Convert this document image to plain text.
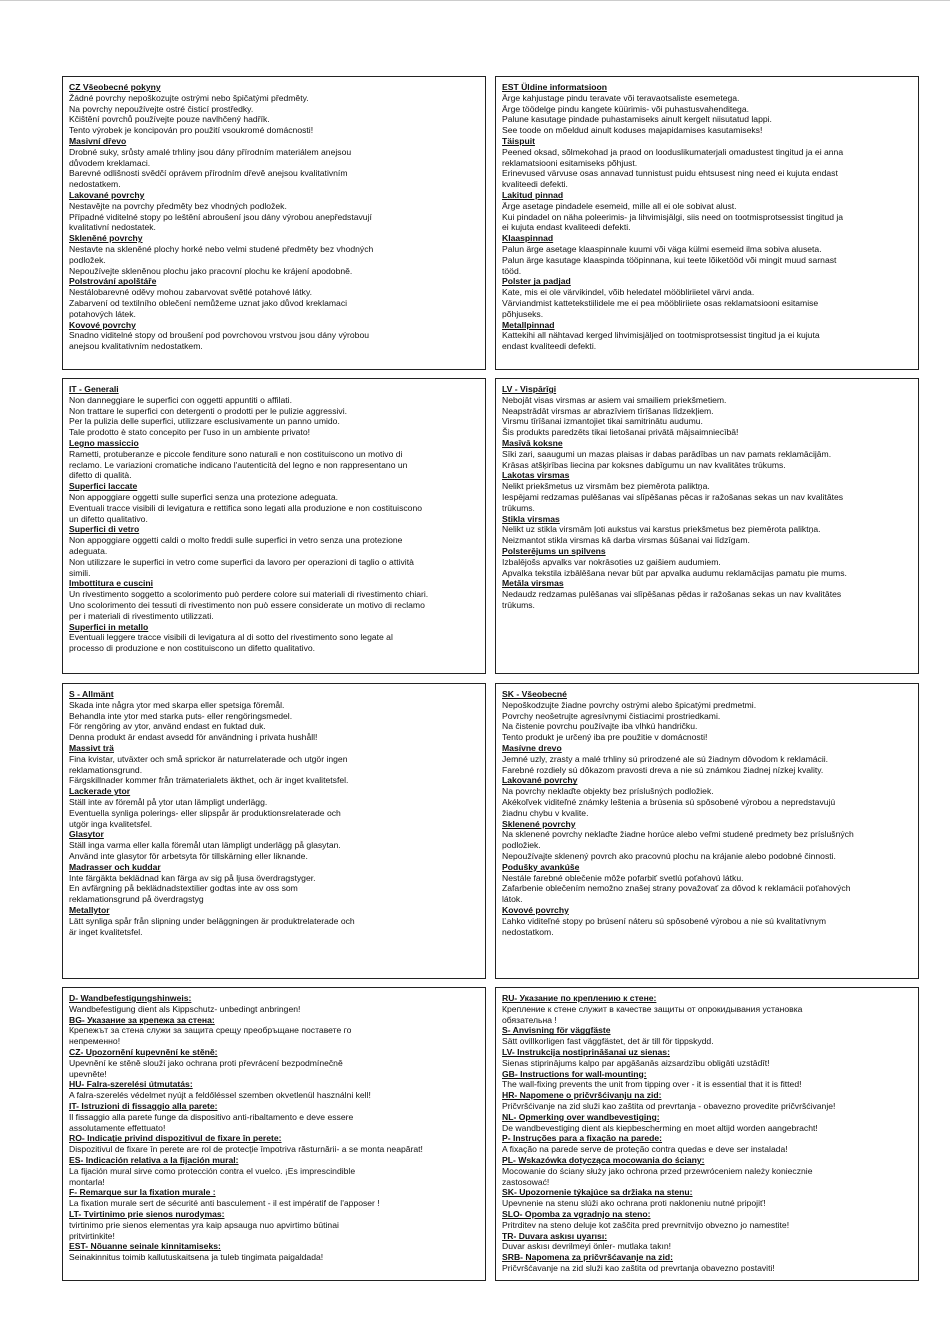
CZ Všeobecné pokyny
Žádné povrchy nepoškozujte ostrými nebo špičatými předměty.
Na povrchy nepoužívejte ostré čisticí prostředky.
Kčištění povrchů používejte pouze navlhčený hadřík.
Tento výrobek je koncipován pro použití vsoukromé domácnosti!
Masivní dřevo
Drobné suky, srůsty amalé trhliny jsou dány přírodním materiálem anejsou
důvodem kreklamaci.
Barevné odlišnosti svědčí oprávem přírodním dřevě anejsou kvalitativním
nedostatkem.
Lakované povrchy
Nestavějte na povrchy předměty bez vhodných podložek.
Případné viditelné stopy po leštění abroušení jsou dány výrobou anepředstavují
kvalitativní nedostatek.
Skleněné povrchy
Nestavte na skleněné plochy horké nebo velmi studené předměty bez vhodných
podložek.
Nepoužívejte skleněnou plochu jako pracovní plochu ke krájení apodobně.
Polstrování apolštáře
Nestálobarevné oděvy mohou zabarvovat světlé potahové látky.
Zabarvení od textilního oblečení nemůžeme uznat jako důvod kreklamaci
potahových látek.
Kovové povrchy
Snadno viditelné stopy od broušení pod povrchovou vrstvou jsou dány výrobou
anejsou kvalitativním nedostatkem.
EST Üldine informatsioon
Ärge kahjustage pindu teravate või teravaotsaliste esemetega.
Ärge töödelge pindu kangete küürimis- või puhastusvahenditega.
Palune kasutage pindade puhastamiseks ainult kergelt niisutatud lappi.
See toode on mõeldud ainult koduses majapidamises kasutamiseks!
Täispuit
Peened oksad, sõlmekohad ja praod on looduslikumaterjali omadustest tingitud ja ei anna
reklamatsiooni esitamiseks põhjust.
Erinevused värvuse osas annavad tunnistust puidu ehtsusest ning need ei kujuta endast
kvaliteedi defekti.
Lakitud pinnad
Ärge asetage pindadele esemeid, mille all ei ole sobivat alust.
Kui pindadel on näha poleerimis- ja lihvimisjälgi, siis need on tootmisprotsessist tingitud ja
ei kujuta endast kvaliteedi defekti.
Klaaspinnad
Palun ärge asetage klaaspinnale kuumi või väga külmi esemeid ilma sobiva aluseta.
Palun ärge kasutage klaaspinda tööpinnana, kui teete lõiketööd või mingit muud sarnast
tööd.
Polster ja padjad
Kate, mis ei ole värvikindel, võib heledatel mööbliriietel värvi anda.
Värviandmist kattetekstiilidele me ei pea mööbliriiete osas reklamatsiooni esitamise
põhjuseks.
Metallpinnad
Kattekihi all nähtavad kerged lihvimisjäljed on tootmisprotsessist tingitud ja ei kujuta
endast kvaliteedi defekti.
IT - Generali
Non danneggiare le superfici con oggetti appuntiti o affilati.
Non trattare le superfici con detergenti o prodotti per le pulizie aggressivi.
Per la pulizia delle superfici, utilizzare esclusivamente un panno umido.
Tale prodotto è stato concepito per l'uso in un ambiente privato!
Legno massiccio
Rametti, protuberanze e piccole fenditure sono naturali e non costituiscono un motivo di
reclamo. Le variazioni cromatiche indicano l'autenticità del legno e non rappresentano un
difetto di qualità.
Superfici laccate
Non appoggiare oggetti sulle superfici senza una protezione adeguata.
Eventuali tracce visibili di levigatura e rettifica sono legati alla produzione e non costituiscono
un difetto qualitativo.
Superfici di vetro
Non appoggiare oggetti caldi o molto freddi sulle superfici in vetro senza una protezione
adeguata.
Non utilizzare le superfici in vetro come superfici da lavoro per operazioni di taglio o attività
simili.
Imbottitura e cuscini
Un rivestimento soggetto a scolorimento può perdere colore sui materiali di rivestimento chiari.
Uno scolorimento dei tessuti di rivestimento non può essere considerate un motivo di reclamo
per i materiali di rivestimento utilizzati.
Superfici in metallo
Eventuali leggere tracce visibili di levigatura al di sotto del rivestimento sono legate al
processo di produzione e non costituiscono un difetto qualitativo.
LV - Vispārīgi
Nebojāt visas virsmas ar asiem vai smailiem priekšmetiem.
Neapstrādāt virsmas ar abrazīviem tīrīšanas līdzekļiem.
Virsmu tīrīšanai izmantojiet tikai samitrinātu audumu.
Šis produkts paredzēts tikai lietošanai privātā mājsaimniecībā!
Masīvā koksne
Sīki zari, saaugumi un mazas plaisas ir dabas parādības un nav pamats reklamācijām.
Krāsas atšķirības liecina par koksnes dabīgumu un nav kvalitātes trūkums.
Lakotas virsmas
Nelikt priekšmetus uz virsmām bez piemērota paliktņa.
Iespējami redzamas pulēšanas vai slīpēšanas pēcas ir ražošanas sekas un nav kvalitātes
trūkums.
Stikla virsmas
Nelikt uz stikla virsmām ļoti aukstus vai karstus priekšmetus bez piemērota paliktņa.
Neizmantot stikla virsmas kā darba virsmas šūšanai vai līdzīgam.
Polsterējums un spilvens
Izbalējošs apvalks var nokrāsoties uz gaišiem audumiem.
Apvalka tekstila izbālēšana nevar būt par apvalka audumu reklamācijas pamatu pie mums.
Metāla virsmas
Nedaudz redzamas pulēšanas vai slīpēšanas pēdas ir ražošanas sekas un nav kvalitātes
trūkums.
S - Allmänt
Skada inte några ytor med skarpa eller spetsiga föremål.
Behandla inte ytor med starka puts- eller rengöringsmedel.
För rengöring av ytor, använd endast en fuktad duk.
Denna produkt är endast avsedd för användning i privata hushåll!
Massivt trä
Fina kvistar, utväxter och små sprickor är naturrelaterade och utgör ingen
reklamationsgrund.
Färgskillnader kommer från trämaterialets äkthet, och är inget kvalitetsfel.
Lackerade ytor
Ställ inte av föremål på ytor utan lämpligt underlägg.
Eventuella synliga polerings- eller slipspår är produktionsrelaterade och
utgör inga kvalitetsfel.
Glasytor
Ställ inga varma eller kalla föremål utan lämpligt underlägg på glasytan.
Använd inte glasytor för arbetsyta för tillskärning eller liknande.
Madrasser och kuddar
Inte färgäkta beklädnad kan färga av sig på ljusa överdragstyger.
En avfärgning på beklädnadstextilier godtas inte av oss som
reklamationsgrund på överdragstyg
Metallytor
Lätt synliga spår från slipning under beläggningen är produktrelaterade och
är inget kvalitetsfel.
SK - Všeobecné
Nepoškodzujte žiadne povrchy ostrými alebo špicatými predmetmi.
Povrchy neošetrujte agresívnymi čistiacimi prostriedkami.
Na čistenie povrchu používajte iba vlhkú handričku.
Tento produkt je určený iba pre použitie v domácnosti!
Masívne drevo
Jemné uzly, zrasty a malé trhliny sú prirodzené ale sú žiadnym dôvodom k reklamácii.
Farebné rozdiely sú dôkazom pravosti dreva a nie sú známkou žiadnej nízkej kvality.
Lakované povrchy
Na povrchy neklaďte objekty bez príslušných podložiek.
Akékoľvek viditeľné známky leštenia a brúsenia sú spôsobené výrobou a nepredstavujú
žiadnu chybu v kvalite.
Sklenené povrchy
Na sklenené povrchy neklaďte žiadne horúce alebo veľmi studené predmety bez príslušných
podložiek.
Nepoužívajte sklenený povrch ako pracovnú plochu na krájanie alebo podobné činnosti.
Podušky avankúše
Nestále farebné oblečenie môže pofarbiť svetlú poťahovú látku.
Zafarbenie oblečením nemožno znašej strany považovať za dôvod k reklamácii poťahových
látok.
Kovové povrchy
Ľahko viditeľné stopy po brúsení náteru sú spôsobené výrobou a nie sú kvalitatívnym
nedostatkom.
D- Wandbefestigungshinweis:
Wandbefestigung dient als Kippschutz- unbedingt anbringen!
BG- Указание за крепежа за стена:
Крепежът за стена служи за защита срещу преобръщане поставете го
непременно!
CZ- Upozornění kupevnění ke stěně:
Upevnění ke stěně slouží jako ochrana proti převrácení bezpodmínečně
upevněte!
HU- Falra-szerelési útmutatás:
A falra-szerelés védelmet nyújt a feldőléssel szemben okvetlenül használni kell!
IT- Istruzioni di fissaggio alla parete:
Il fissaggio alla parete funge da dispositivo anti-ribaltamento e deve essere
assolutamente effettuato!
RO- Indicaţie privind dispozitivul de fixare în perete:
Dispozitivul de fixare în perete are rol de protecţie împotriva răsturnării- a se monta neapărat!
ES- Indicación relativa a la fijación mural:
La fijación mural sirve como protección contra el vuelco. ¡Es imprescindible
montarla!
F- Remarque sur la fixation murale :
La fixation murale sert de sécurité anti basculement - il est impératif de l'apposer !
LT- Tvirtinimo prie sienos nurodymas:
tvirtinimo prie sienos elementas yra kaip apsauga nuo apvirtimo būtinai
pritvirtinkite!
EST- Nõuanne seinale kinnitamiseks:
Seinakinnitus toimib kallutuskaitsena ja tuleb tingimata paigaldada!
RU- Указание по креплению к стене:
Крепление к стене служит в качестве защиты от опрокидывания установка
обязательна !
S- Anvisning för väggfäste
Sätt ovillkorligen fast väggfästet, det är till för tippskydd.
LV- Instrukcija nostiprināšanai uz sienas:
Sienas stiprinājums kalpo par apgāšanās aizsardzību obligāti uzstādīt!
GB- Instructions for wall-mounting:
The wall-fixing prevents the unit from tipping over - it is essential that it is fitted!
HR- Napomene o pričvršćivanju na zid:
Pričvršćivanje na zid služi kao zaštita od prevrtanja - obavezno provedite pričvršćivanje!
NL- Opmerking over wandbevestiging:
De wandbevestiging dient als kiepbescherming en moet altijd worden aangebracht!
P- Instruções para a fixação na parede:
A fixação na parede serve de proteção contra quedas e deve ser instalada!
PL- Wskazówka dotycząca mocowania do ściany:
Mocowanie do ściany służy jako ochrona przed przewróceniem należy koniecznie
zastosować!
SK- Upozornenie týkajúce sa držiaka na stenu:
Upevnenie na stenu slúži ako ochrana proti nakloneniu nutné pripojiť!
SLO- Opomba za vgradnjo na steno:
Pritrditev na steno deluje kot zaščita pred prevrnitvijo obvezno jo namestite!
TR- Duvara askısı uyarısı:
Duvar askısı devrilmeyi önler- mutlaka takın!
SRB- Napomena za pričvršćavanje na zid:
Pričvršćavanje na zid služi kao zaštita od prevrtanja obavezno postaviti!
